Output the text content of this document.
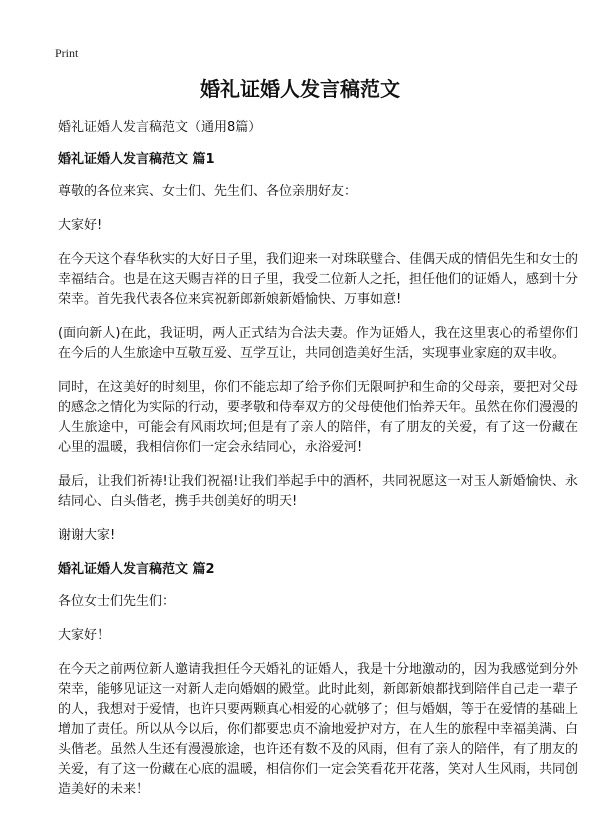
Print
婚礼证婚人发言稿范文
婚礼证婚人发言稿范文（通用8篇）
婚礼证婚人发言稿范文 篇1

尊敬的各位来宾、女士们、先生们、各位亲朋好友：

大家好!

在今天这个春华秋实的大好日子里，我们迎来一对珠联璧合、佳偶天成的情侣先生和女士的幸福结合。也是在这天赐吉祥的日子里，我受二位新人之托，担任他们的证婚人，感到十分荣幸。首先我代表各位来宾祝新郎新娘新婚愉快、万事如意!

(面向新人)在此，我证明，两人正式结为合法夫妻。作为证婚人，我在这里衷心的希望你们在今后的人生旅途中互敬互爱、互学互让，共同创造美好生活，实现事业家庭的双丰收。

同时，在这美好的时刻里，你们不能忘却了给予你们无限呵护和生命的父母亲，要把对父母的感念之情化为实际的行动，要孝敬和侍奉双方的父母使他们怡养天年。虽然在你们漫漫的人生旅途中，可能会有风雨坎坷;但是有了亲人的陪伴，有了朋友的关爱，有了这一份藏在心里的温暖，我相信你们一定会永结同心，永浴爱河!

最后，让我们祈祷!让我们祝福!让我们举起手中的酒杯，共同祝愿这一对玉人新婚愉快、永结同心、白头偕老，携手共创美好的明天!

谢谢大家!

婚礼证婚人发言稿范文 篇2

各位女士们先生们：

大家好！

在今天之前两位新人邀请我担任今天婚礼的证婚人，我是十分地激动的，因为我感觉到分外荣幸，能够见证这一对新人走向婚姻的殿堂。此时此刻，新郎新娘都找到陪伴自己走一辈子的人，我想对于爱情，也许只要两颗真心相爱的心就够了；但与婚姻，等于在爱情的基础上增加了责任。所以从今以后，你们都要忠贞不渝地爱护对方，在人生的旅程中幸福美满、白头偕老。虽然人生还有漫漫旅途，也许还有数不及的风雨，但有了亲人的陪伴，有了朋友的关爱，有了这一份藏在心底的温暖，相信你们一定会笑看花开花落，笑对人生风雨，共同创造美好的未来！
